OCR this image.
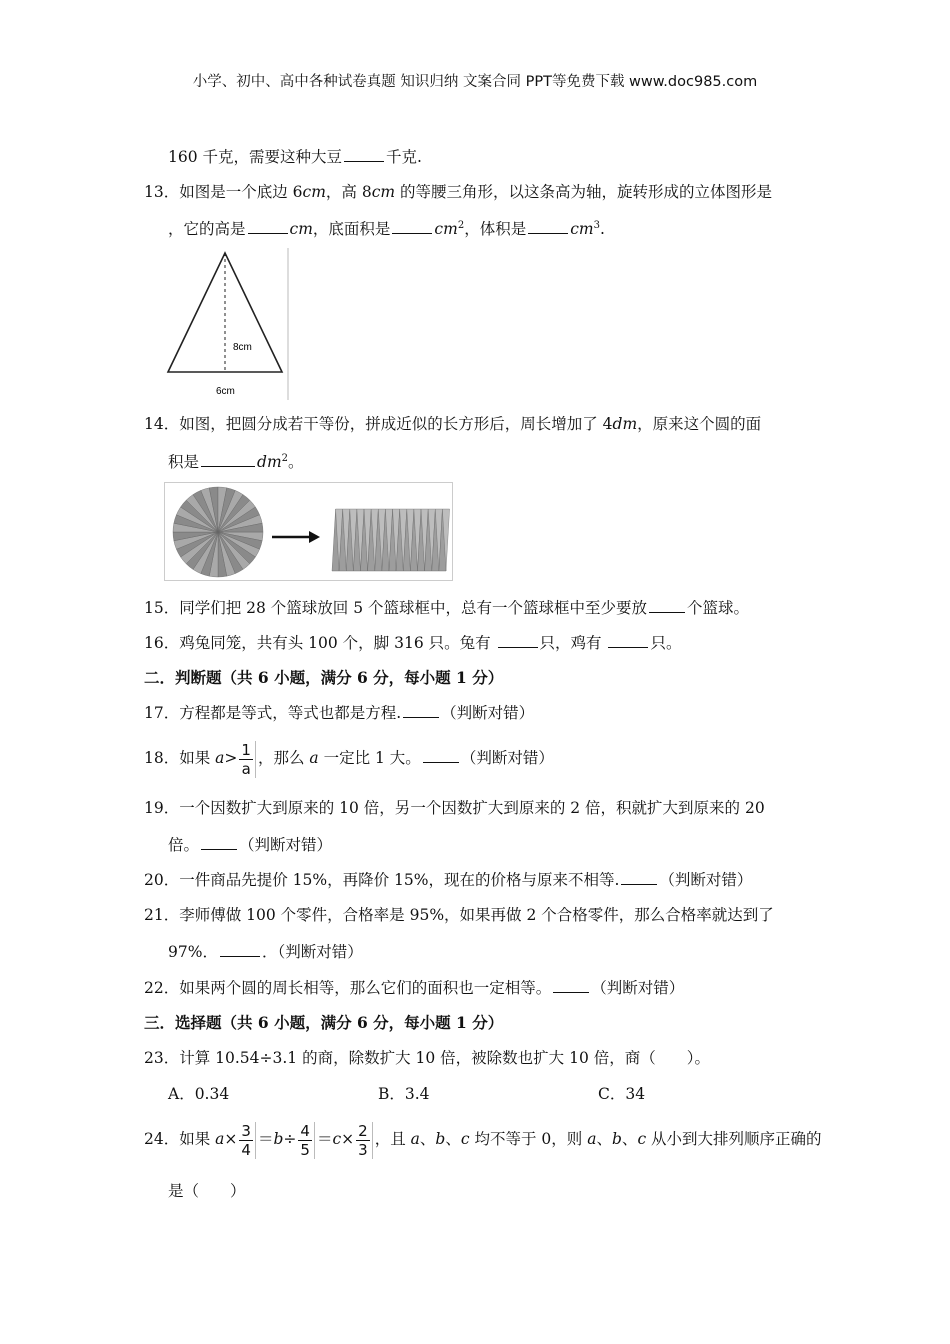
小学、初中、高中各种试卷真题 知识归纳 文案合同 PPT等免费下载 www.doc985.com
160 千克，需要这种大豆	千克.
13．如图是一个底边 6cm，高 8cm 的等腰三角形，以这条高为轴，旋转形成的立体图形是
，它的高是	cm，底面积是	$cm^2$，体积是	$cm^3$.
8cm
6cm
14．如图，把圆分成若干等份，拼成近似的长方形后，周长增加了 4dm，原来这个圆的面
积是	$dm^2$。
15．同学们把 28 个篮球放回 5 个篮球框中，总有一个篮球框中至少要放	个篮球。
16．鸡兔同笼，共有头 100 个，脚 316 只。兔有	只，鸡有	只。
二．判断题（共 6 小题，满分 6 分，每小题 1 分）
17．方程都是等式，等式也都是方程.	（判断对错）
18．如果 $a> \frac{1}{a}$ ，那么 a 一定比 1 大。	（判断对错）
19．一个因数扩大到原来的 10 倍，另一个因数扩大到原来的 2 倍，积就扩大到原来的 20
倍。	（判断对错）
20．一件商品先提价 15%，再降价 15%，现在的价格与原来不相等.	（判断对错）
21．李师傅做 100 个零件，合格率是 95%，如果再做 2 个合格零件，那么合格率就达到了
97%．	．（判断对错）
22．如果两个圆的周长相等，那么它们的面积也一定相等。	（判断对错）
三．选择题（共 6 小题，满分 6 分，每小题 1 分）
23．计算 10.54÷3.1 的商，除数扩大 10 倍，被除数也扩大 10 倍，商（　　）。
A．0.34	B．3.4	C．34
24．如果 $a\times \frac{3}{4} =b\div \frac{4}{5} =c\times \frac{2}{3}$ ，且 a、b、c 均不等于 0，则 a、b、c 从小到大排列顺序正确的
是（　　）
